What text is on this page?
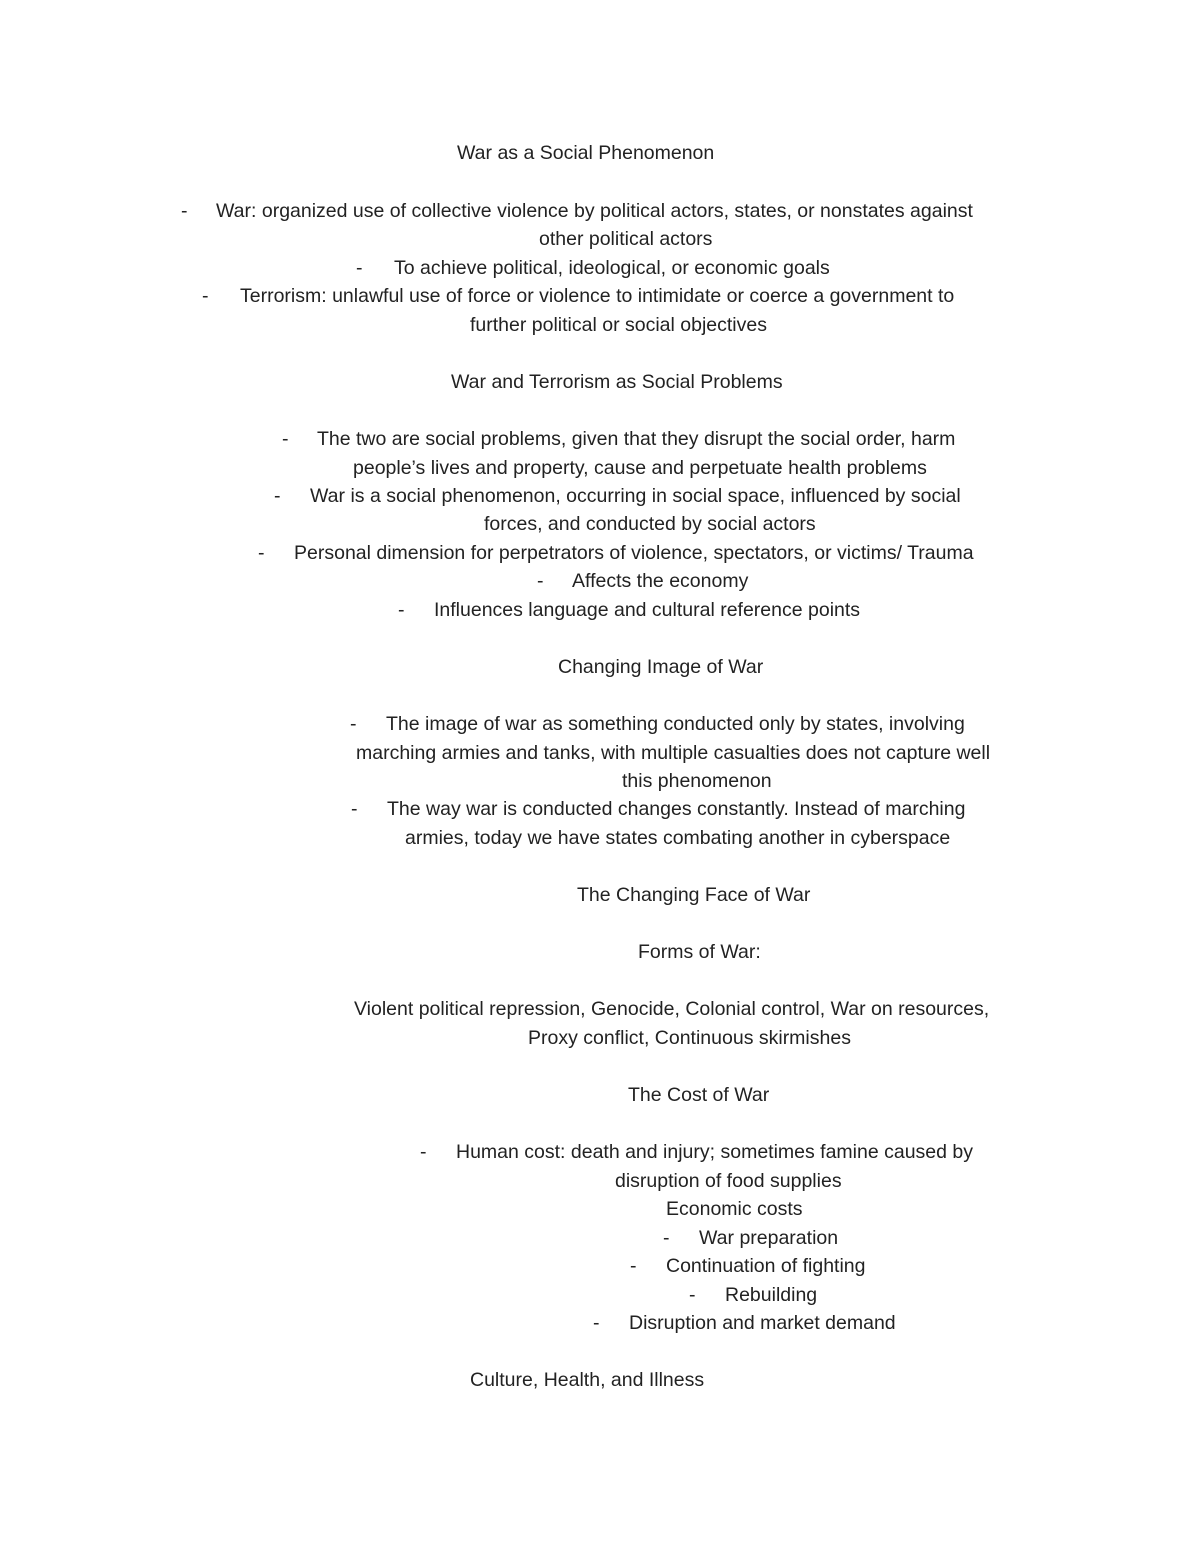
War as a Social Phenomenon
- War: organized use of collective violence by political actors, states, or nonstates against
other political actors
- To achieve political, ideological, or economic goals
- Terrorism: unlawful use of force or violence to intimidate or coerce a government to
further political or social objectives
War and Terrorism as Social Problems
- The two are social problems, given that they disrupt the social order, harm
people’s lives and property, cause and perpetuate health problems
- War is a social phenomenon, occurring in social space, influenced by social
forces, and conducted by social actors
- Personal dimension for perpetrators of violence, spectators, or victims/ Trauma
- Affects the economy
- Influences language and cultural reference points
Changing Image of War
- The image of war as something conducted only by states, involving
marching armies and tanks, with multiple casualties does not capture well
this phenomenon
- The way war is conducted changes constantly. Instead of marching
armies, today we have states combating another in cyberspace
The Changing Face of War
Forms of War:
Violent political repression, Genocide, Colonial control, War on resources,
Proxy conflict, Continuous skirmishes
The Cost of War
- Human cost: death and injury; sometimes famine caused by
disruption of food supplies
Economic costs
- War preparation
- Continuation of fighting
- Rebuilding
- Disruption and market demand
Culture, Health, and Illness
